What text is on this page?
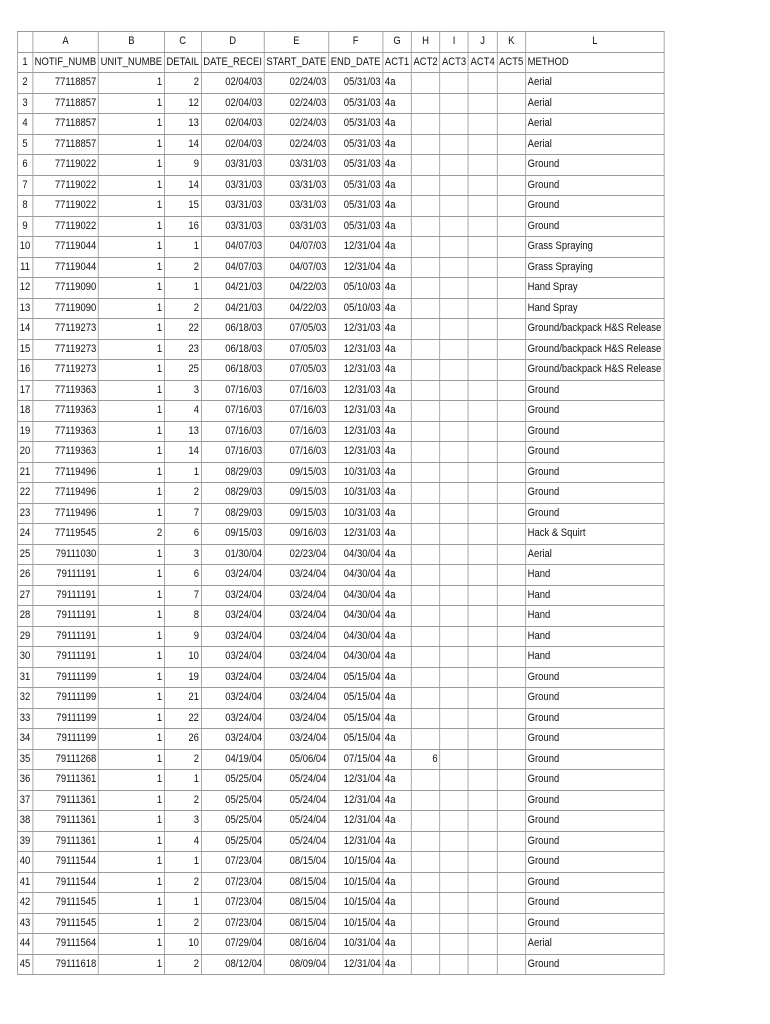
	A	B	C	D	E	F	G	H	I	J	K	L
1	NOTIF_NUMB	UNIT_NUMBE	DETAIL	DATE_RECEI	START_DATE	END_DATE	ACT1	ACT2	ACT3	ACT4	ACT5	METHOD
2	77118857	1	2	02/04/03	02/24/03	05/31/03	4a					Aerial
3	77118857	1	12	02/04/03	02/24/03	05/31/03	4a					Aerial
4	77118857	1	13	02/04/03	02/24/03	05/31/03	4a					Aerial
5	77118857	1	14	02/04/03	02/24/03	05/31/03	4a					Aerial
6	77119022	1	9	03/31/03	03/31/03	05/31/03	4a					Ground
7	77119022	1	14	03/31/03	03/31/03	05/31/03	4a					Ground
8	77119022	1	15	03/31/03	03/31/03	05/31/03	4a					Ground
9	77119022	1	16	03/31/03	03/31/03	05/31/03	4a					Ground
10	77119044	1	1	04/07/03	04/07/03	12/31/04	4a					Grass Spraying
11	77119044	1	2	04/07/03	04/07/03	12/31/04	4a					Grass Spraying
12	77119090	1	1	04/21/03	04/22/03	05/10/03	4a					Hand Spray
13	77119090	1	2	04/21/03	04/22/03	05/10/03	4a					Hand Spray
14	77119273	1	22	06/18/03	07/05/03	12/31/03	4a					Ground/backpack H&S Release
15	77119273	1	23	06/18/03	07/05/03	12/31/03	4a					Ground/backpack H&S Release
16	77119273	1	25	06/18/03	07/05/03	12/31/03	4a					Ground/backpack H&S Release
17	77119363	1	3	07/16/03	07/16/03	12/31/03	4a					Ground
18	77119363	1	4	07/16/03	07/16/03	12/31/03	4a					Ground
19	77119363	1	13	07/16/03	07/16/03	12/31/03	4a					Ground
20	77119363	1	14	07/16/03	07/16/03	12/31/03	4a					Ground
21	77119496	1	1	08/29/03	09/15/03	10/31/03	4a					Ground
22	77119496	1	2	08/29/03	09/15/03	10/31/03	4a					Ground
23	77119496	1	7	08/29/03	09/15/03	10/31/03	4a					Ground
24	77119545	2	6	09/15/03	09/16/03	12/31/03	4a					Hack & Squirt
25	79111030	1	3	01/30/04	02/23/04	04/30/04	4a					Aerial
26	79111191	1	6	03/24/04	03/24/04	04/30/04	4a					Hand
27	79111191	1	7	03/24/04	03/24/04	04/30/04	4a					Hand
28	79111191	1	8	03/24/04	03/24/04	04/30/04	4a					Hand
29	79111191	1	9	03/24/04	03/24/04	04/30/04	4a					Hand
30	79111191	1	10	03/24/04	03/24/04	04/30/04	4a					Hand
31	79111199	1	19	03/24/04	03/24/04	05/15/04	4a					Ground
32	79111199	1	21	03/24/04	03/24/04	05/15/04	4a					Ground
33	79111199	1	22	03/24/04	03/24/04	05/15/04	4a					Ground
34	79111199	1	26	03/24/04	03/24/04	05/15/04	4a					Ground
35	79111268	1	2	04/19/04	05/06/04	07/15/04	4a	6				Ground
36	79111361	1	1	05/25/04	05/24/04	12/31/04	4a					Ground
37	79111361	1	2	05/25/04	05/24/04	12/31/04	4a					Ground
38	79111361	1	3	05/25/04	05/24/04	12/31/04	4a					Ground
39	79111361	1	4	05/25/04	05/24/04	12/31/04	4a					Ground
40	79111544	1	1	07/23/04	08/15/04	10/15/04	4a					Ground
41	79111544	1	2	07/23/04	08/15/04	10/15/04	4a					Ground
42	79111545	1	1	07/23/04	08/15/04	10/15/04	4a					Ground
43	79111545	1	2	07/23/04	08/15/04	10/15/04	4a					Ground
44	79111564	1	10	07/29/04	08/16/04	10/31/04	4a					Aerial
45	79111618	1	2	08/12/04	08/09/04	12/31/04	4a					Ground
